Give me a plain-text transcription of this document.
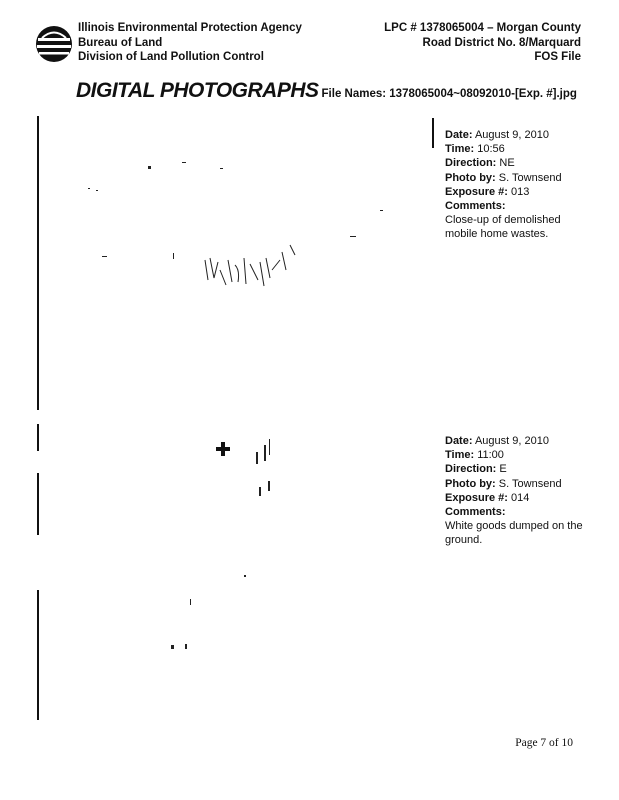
Illinois Environmental Protection Agency
Bureau of Land
Division of Land Pollution Control
LPC # 1378065004 – Morgan County
Road District No. 8/Marquard
FOS File
DIGITAL PHOTOGRAPHS File Names: 1378065004~08092010-[Exp. #].jpg
Date: August 9, 2010
Time: 10:56
Direction: NE
Photo by: S. Townsend
Exposure #: 013
Comments:
Close-up of demolished mobile home wastes.
Date: August 9, 2010
Time: 11:00
Direction: E
Photo by: S. Townsend
Exposure #: 014
Comments:
White goods dumped on the ground.
Page 7 of 10
